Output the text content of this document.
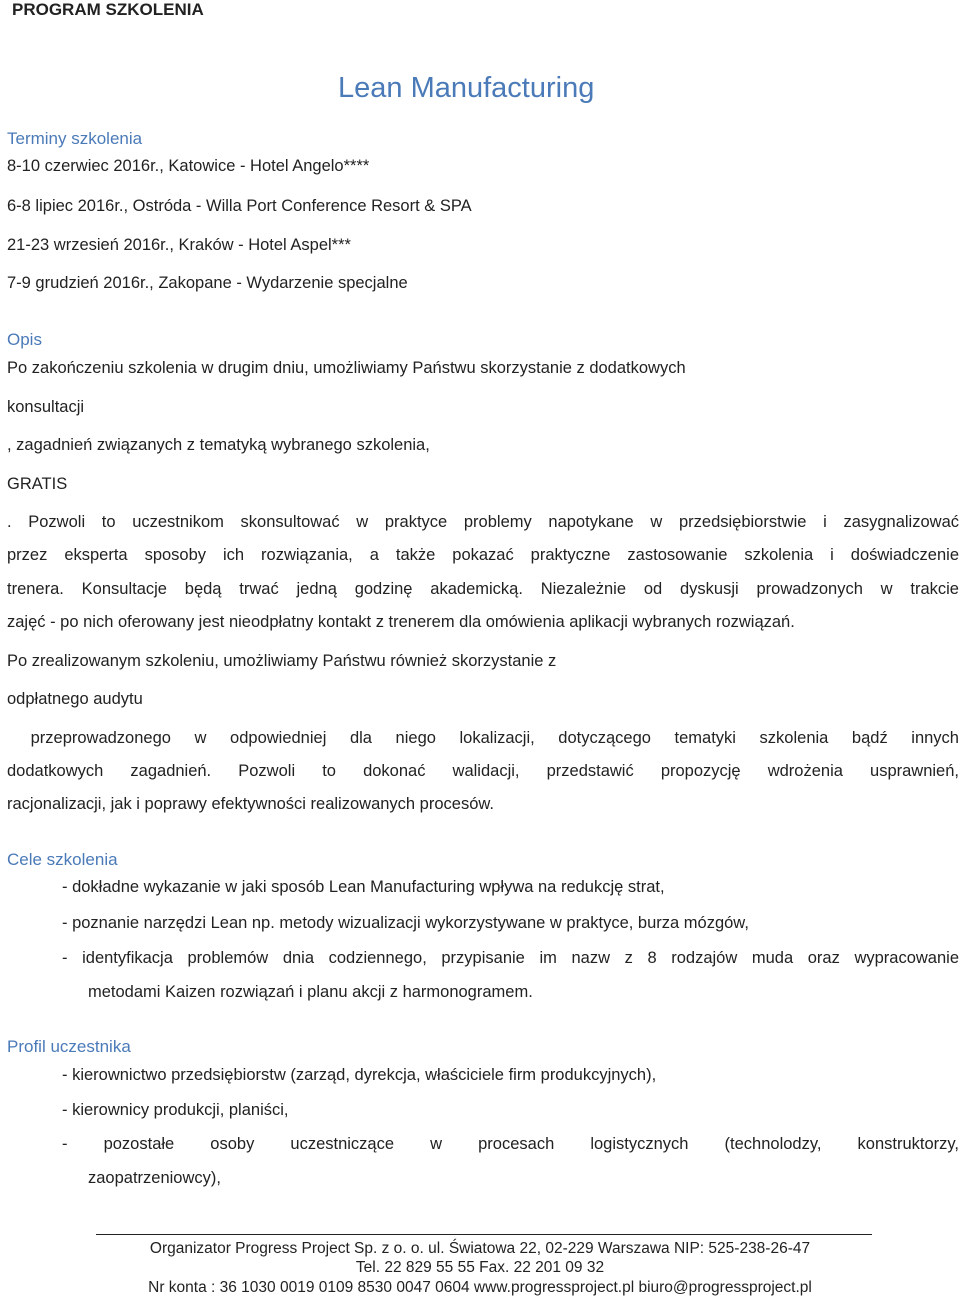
PROGRAM SZKOLENIA
Lean Manufacturing
Terminy szkolenia
8-10 czerwiec 2016r., Katowice - Hotel Angelo****
6-8 lipiec 2016r., Ostróda - Willa Port Conference Resort & SPA
21-23 wrzesień 2016r., Kraków - Hotel Aspel***
7-9 grudzień 2016r., Zakopane - Wydarzenie specjalne
Opis
Po zakończeniu szkolenia w drugim dniu, umożliwiamy Państwu skorzystanie z dodatkowych
konsultacji
, zagadnień związanych z tematyką wybranego szkolenia,
GRATIS
. Pozwoli to uczestnikom skonsultować w praktyce problemy napotykane w przedsiębiorstwie i zasygnalizować
przez eksperta sposoby ich rozwiązania, a także pokazać praktyczne zastosowanie szkolenia i doświadczenie
trenera. Konsultacje będą trwać jedną godzinę akademicką. Niezależnie od dyskusji prowadzonych w trakcie
zajęć - po nich oferowany jest nieodpłatny kontakt z trenerem dla omówienia aplikacji wybranych rozwiązań.
Po zrealizowanym szkoleniu, umożliwiamy Państwu również skorzystanie z
odpłatnego audytu
przeprowadzonego w odpowiedniej dla niego lokalizacji, dotyczącego tematyki szkolenia bądź innych
dodatkowych zagadnień. Pozwoli to dokonać walidacji, przedstawić propozycję wdrożenia usprawnień,
racjonalizacji, jak i poprawy efektywności realizowanych procesów.
Cele szkolenia
- dokładne wykazanie w jaki sposób Lean Manufacturing wpływa na redukcję strat,
- poznanie narzędzi Lean np. metody wizualizacji wykorzystywane w praktyce, burza mózgów,
- identyfikacja problemów dnia codziennego, przypisanie im nazw z 8 rodzajów muda oraz wypracowanie
metodami Kaizen rozwiązań i planu akcji z harmonogramem.
Profil uczestnika
- kierownictwo przedsiębiorstw (zarząd, dyrekcja, właściciele firm produkcyjnych),
- kierownicy produkcji, planiści,
- pozostałe osoby uczestniczące w procesach logistycznych (technolodzy, konstruktorzy,
zaopatrzeniowcy),
Organizator Progress Project Sp. z o. o. ul. Światowa 22, 02-229 Warszawa NIP: 525-238-26-47
Tel. 22 829 55 55 Fax. 22 201 09 32
Nr konta : 36 1030 0019 0109 8530 0047 0604 www.progressproject.pl biuro@progressproject.pl
